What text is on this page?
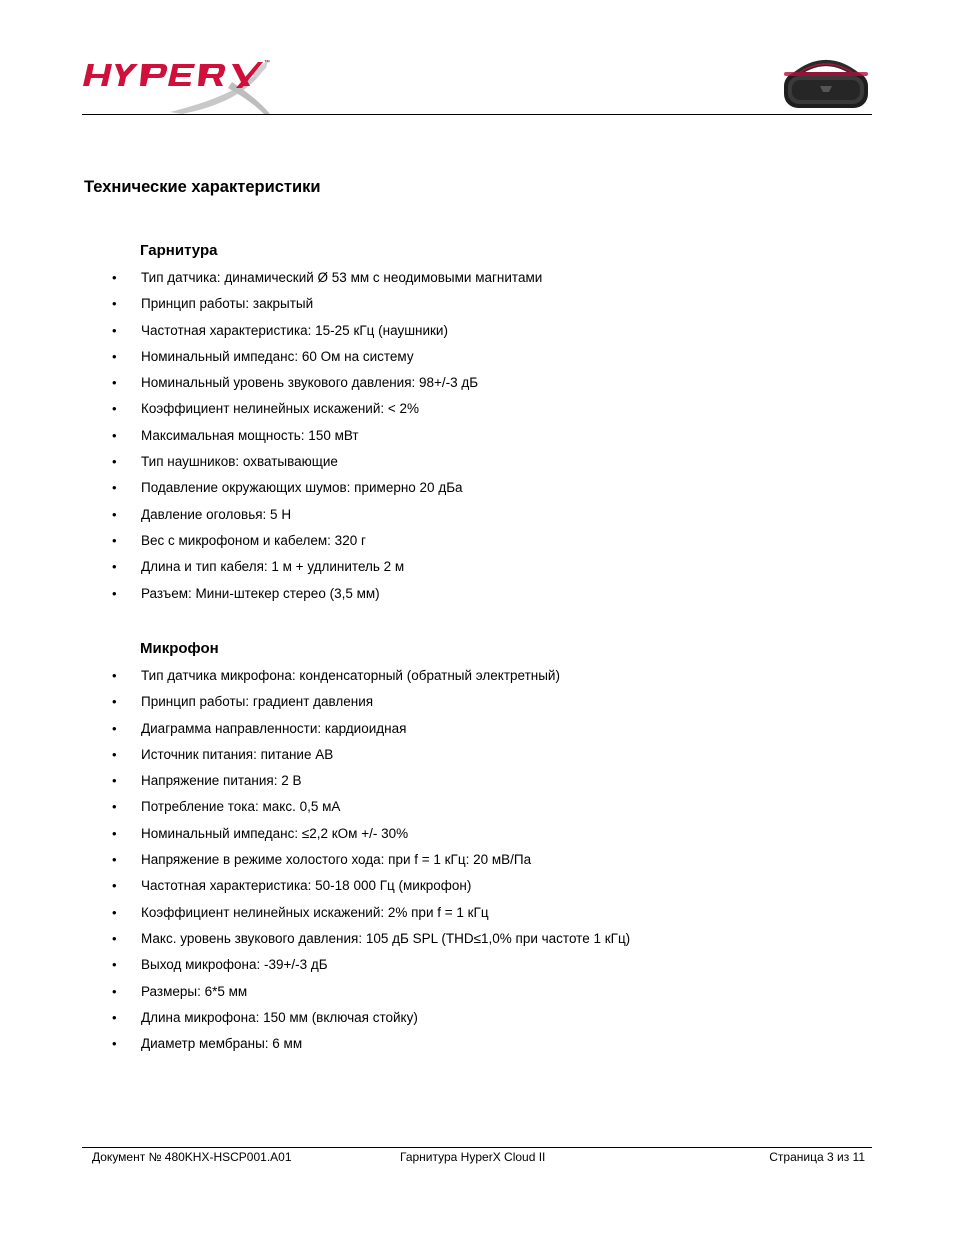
™
Технические характеристики
Гарнитура
• Тип датчика: динамический Ø 53 мм с неодимовыми магнитами
• Принцип работы: закрытый
• Частотная характеристика: 15-25 кГц (наушники)
• Номинальный импеданс: 60 Ом на систему
• Номинальный уровень звукового давления: 98+/-3 дБ
• Коэффициент нелинейных искажений: < 2%
• Максимальная мощность: 150 мВт
• Тип наушников: охватывающие
• Подавление окружающих шумов: примерно 20 дБа
• Давление оголовья: 5 Н
• Вес с микрофоном и кабелем: 320 г
• Длина и тип кабеля: 1 м + удлинитель 2 м
• Разъем: Мини-штекер стерео (3,5 мм)
Микрофон
• Тип датчика микрофона: конденсаторный (обратный электретный)
• Принцип работы: градиент давления
• Диаграмма направленности: кардиоидная
• Источник питания: питание AB
• Напряжение питания: 2 В
• Потребление тока: макс. 0,5 мА
• Номинальный импеданс: ≤2,2 кОм +/- 30%
• Напряжение в режиме холостого хода: при f = 1 кГц: 20 мВ/Па
• Частотная характеристика: 50-18 000 Гц (микрофон)
• Коэффициент нелинейных искажений: 2% при f = 1 кГц
• Макс. уровень звукового давления: 105 дБ SPL (THD≤1,0% при частоте 1 кГц)
• Выход микрофона: -39+/-3 дБ
• Размеры: 6*5 мм
• Длина микрофона: 150 мм (включая стойку)
• Диаметр мембраны: 6 мм
Документ № 480KHX-HSCP001.A01	Гарнитура HyperX Cloud II	Страница 3 из 11
